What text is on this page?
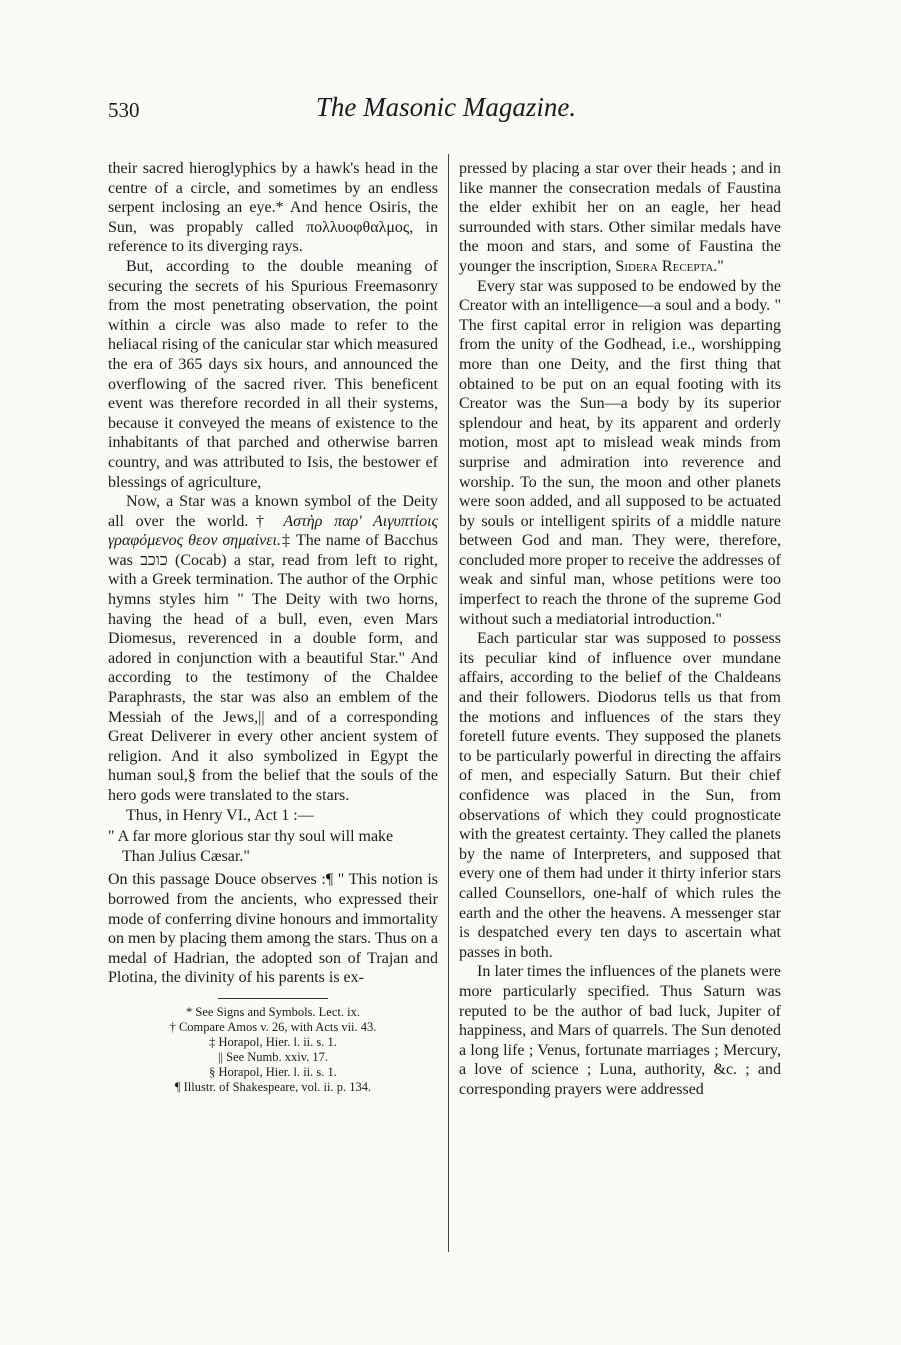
530	The Masonic Magazine.

their sacred hieroglyphics by a hawk's head in the centre of a circle, and sometimes by an endless serpent inclosing an eye.* And hence Osiris, the Sun, was propably called πολλυοφθαλμος, in reference to its diverging rays.

But, according to the double meaning of securing the secrets of his Spurious Freemasonry from the most penetrating observation, the point within a circle was also made to refer to the heliacal rising of the canicular star which measured the era of 365 days six hours, and announced the overflowing of the sacred river. This beneficent event was therefore recorded in all their systems, because it conveyed the means of existence to the inhabitants of that parched and otherwise barren country, and was attributed to Isis, the bestower ef blessings of agriculture,

Now, a Star was a known symbol of the Deity all over the world.† Αστὴρ παρ' Αιγυπτίοις γραφόμενος θεον σημαίνει.‡ The name of Bacchus was כוכב (Cocab) a star, read from left to right, with a Greek termination. The author of the Orphic hymns styles him " The Deity with two horns, having the head of a bull, even, even Mars Diomesus, reverenced in a double form, and adored in conjunction with a beautiful Star." And according to the testimony of the Chaldee Paraphrasts, the star was also an emblem of the Messiah of the Jews,|| and of a corresponding Great Deliverer in every other ancient system of religion. And it also symbolized in Egypt the human soul,§ from the belief that the souls of the hero gods were translated to the stars.

Thus, in Henry VI., Act 1 :—

" A far more glorious star thy soul will make
Than Julius Cæsar."

On this passage Douce observes :¶ " This notion is borrowed from the ancients, who expressed their mode of conferring divine honours and immortality on men by placing them among the stars. Thus on a medal of Hadrian, the adopted son of Trajan and Plotina, the divinity of his parents is ex-

* See Signs and Symbols. Lect. ix.
† Compare Amos v. 26, with Acts vii. 43.
‡ Horapol, Hier. l. ii. s. 1.
|| See Numb. xxiv. 17.
§ Horapol, Hier. l. ii. s. 1.
¶ Illustr. of Shakespeare, vol. ii. p. 134.

pressed by placing a star over their heads ; and in like manner the consecration medals of Faustina the elder exhibit her on an eagle, her head surrounded with stars. Other similar medals have the moon and stars, and some of Faustina the younger the inscription, Sidera Recepta."

Every star was supposed to be endowed by the Creator with an intelligence—a soul and a body. " The first capital error in religion was departing from the unity of the Godhead, i.e., worshipping more than one Deity, and the first thing that obtained to be put on an equal footing with its Creator was the Sun—a body by its superior splendour and heat, by its apparent and orderly motion, most apt to mislead weak minds from surprise and admiration into reverence and worship. To the sun, the moon and other planets were soon added, and all supposed to be actuated by souls or intelligent spirits of a middle nature between God and man. They were, therefore, concluded more proper to receive the addresses of weak and sinful man, whose petitions were too imperfect to reach the throne of the supreme God without such a mediatorial introduction."

Each particular star was supposed to possess its peculiar kind of influence over mundane affairs, according to the belief of the Chaldeans and their followers. Diodorus tells us that from the motions and influences of the stars they foretell future events. They supposed the planets to be particularly powerful in directing the affairs of men, and especially Saturn. But their chief confidence was placed in the Sun, from observations of which they could prognosticate with the greatest certainty. They called the planets by the name of Interpreters, and supposed that every one of them had under it thirty inferior stars called Counsellors, one-half of which rules the earth and the other the heavens. A messenger star is despatched every ten days to ascertain what passes in both.

In later times the influences of the planets were more particularly specified. Thus Saturn was reputed to be the author of bad luck, Jupiter of happiness, and Mars of quarrels. The Sun denoted a long life ; Venus, fortunate marriages ; Mercury, a love of science ; Luna, authority, &c. ; and corresponding prayers were addressed
